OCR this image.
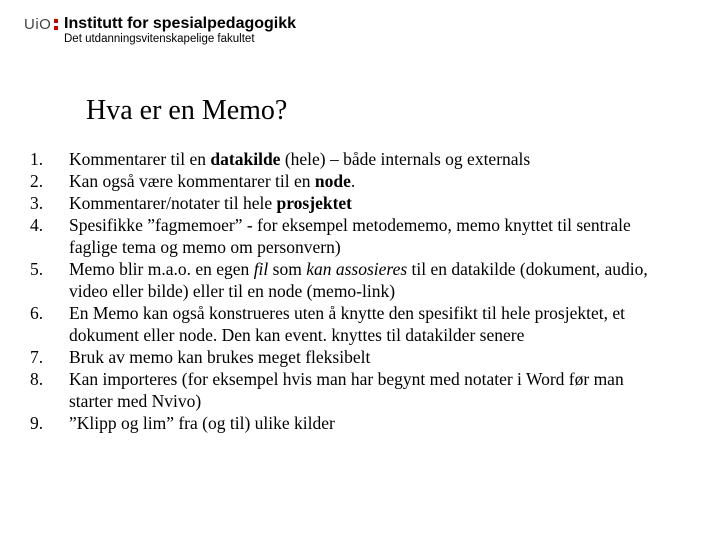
UiO Institutt for spesialpedagogikk
Det utdanningsvitenskapelige fakultet
Hva er en Memo?
1.	Kommentarer til en datakilde (hele) – både internals og externals
2.	Kan også være kommentarer til en node.
3.	Kommentarer/notater til hele prosjektet
4.	Spesifikke ”fagmemoer” - for eksempel metodememo, memo knyttet til sentrale faglige tema og memo om personvern)
5.	Memo blir m.a.o. en egen fil som kan assosieres til en datakilde (dokument, audio, video eller bilde) eller til en node (memo-link)
6.	En Memo kan også konstrueres uten å knytte den spesifikt til hele prosjektet, et dokument eller node. Den kan event. knyttes til datakilder senere
7.	Bruk av memo kan brukes meget fleksibelt
8.	Kan importeres (for eksempel hvis man har begynt med notater i Word før man starter med Nvivo)
9.	”Klipp og lim” fra (og til) ulike kilder
